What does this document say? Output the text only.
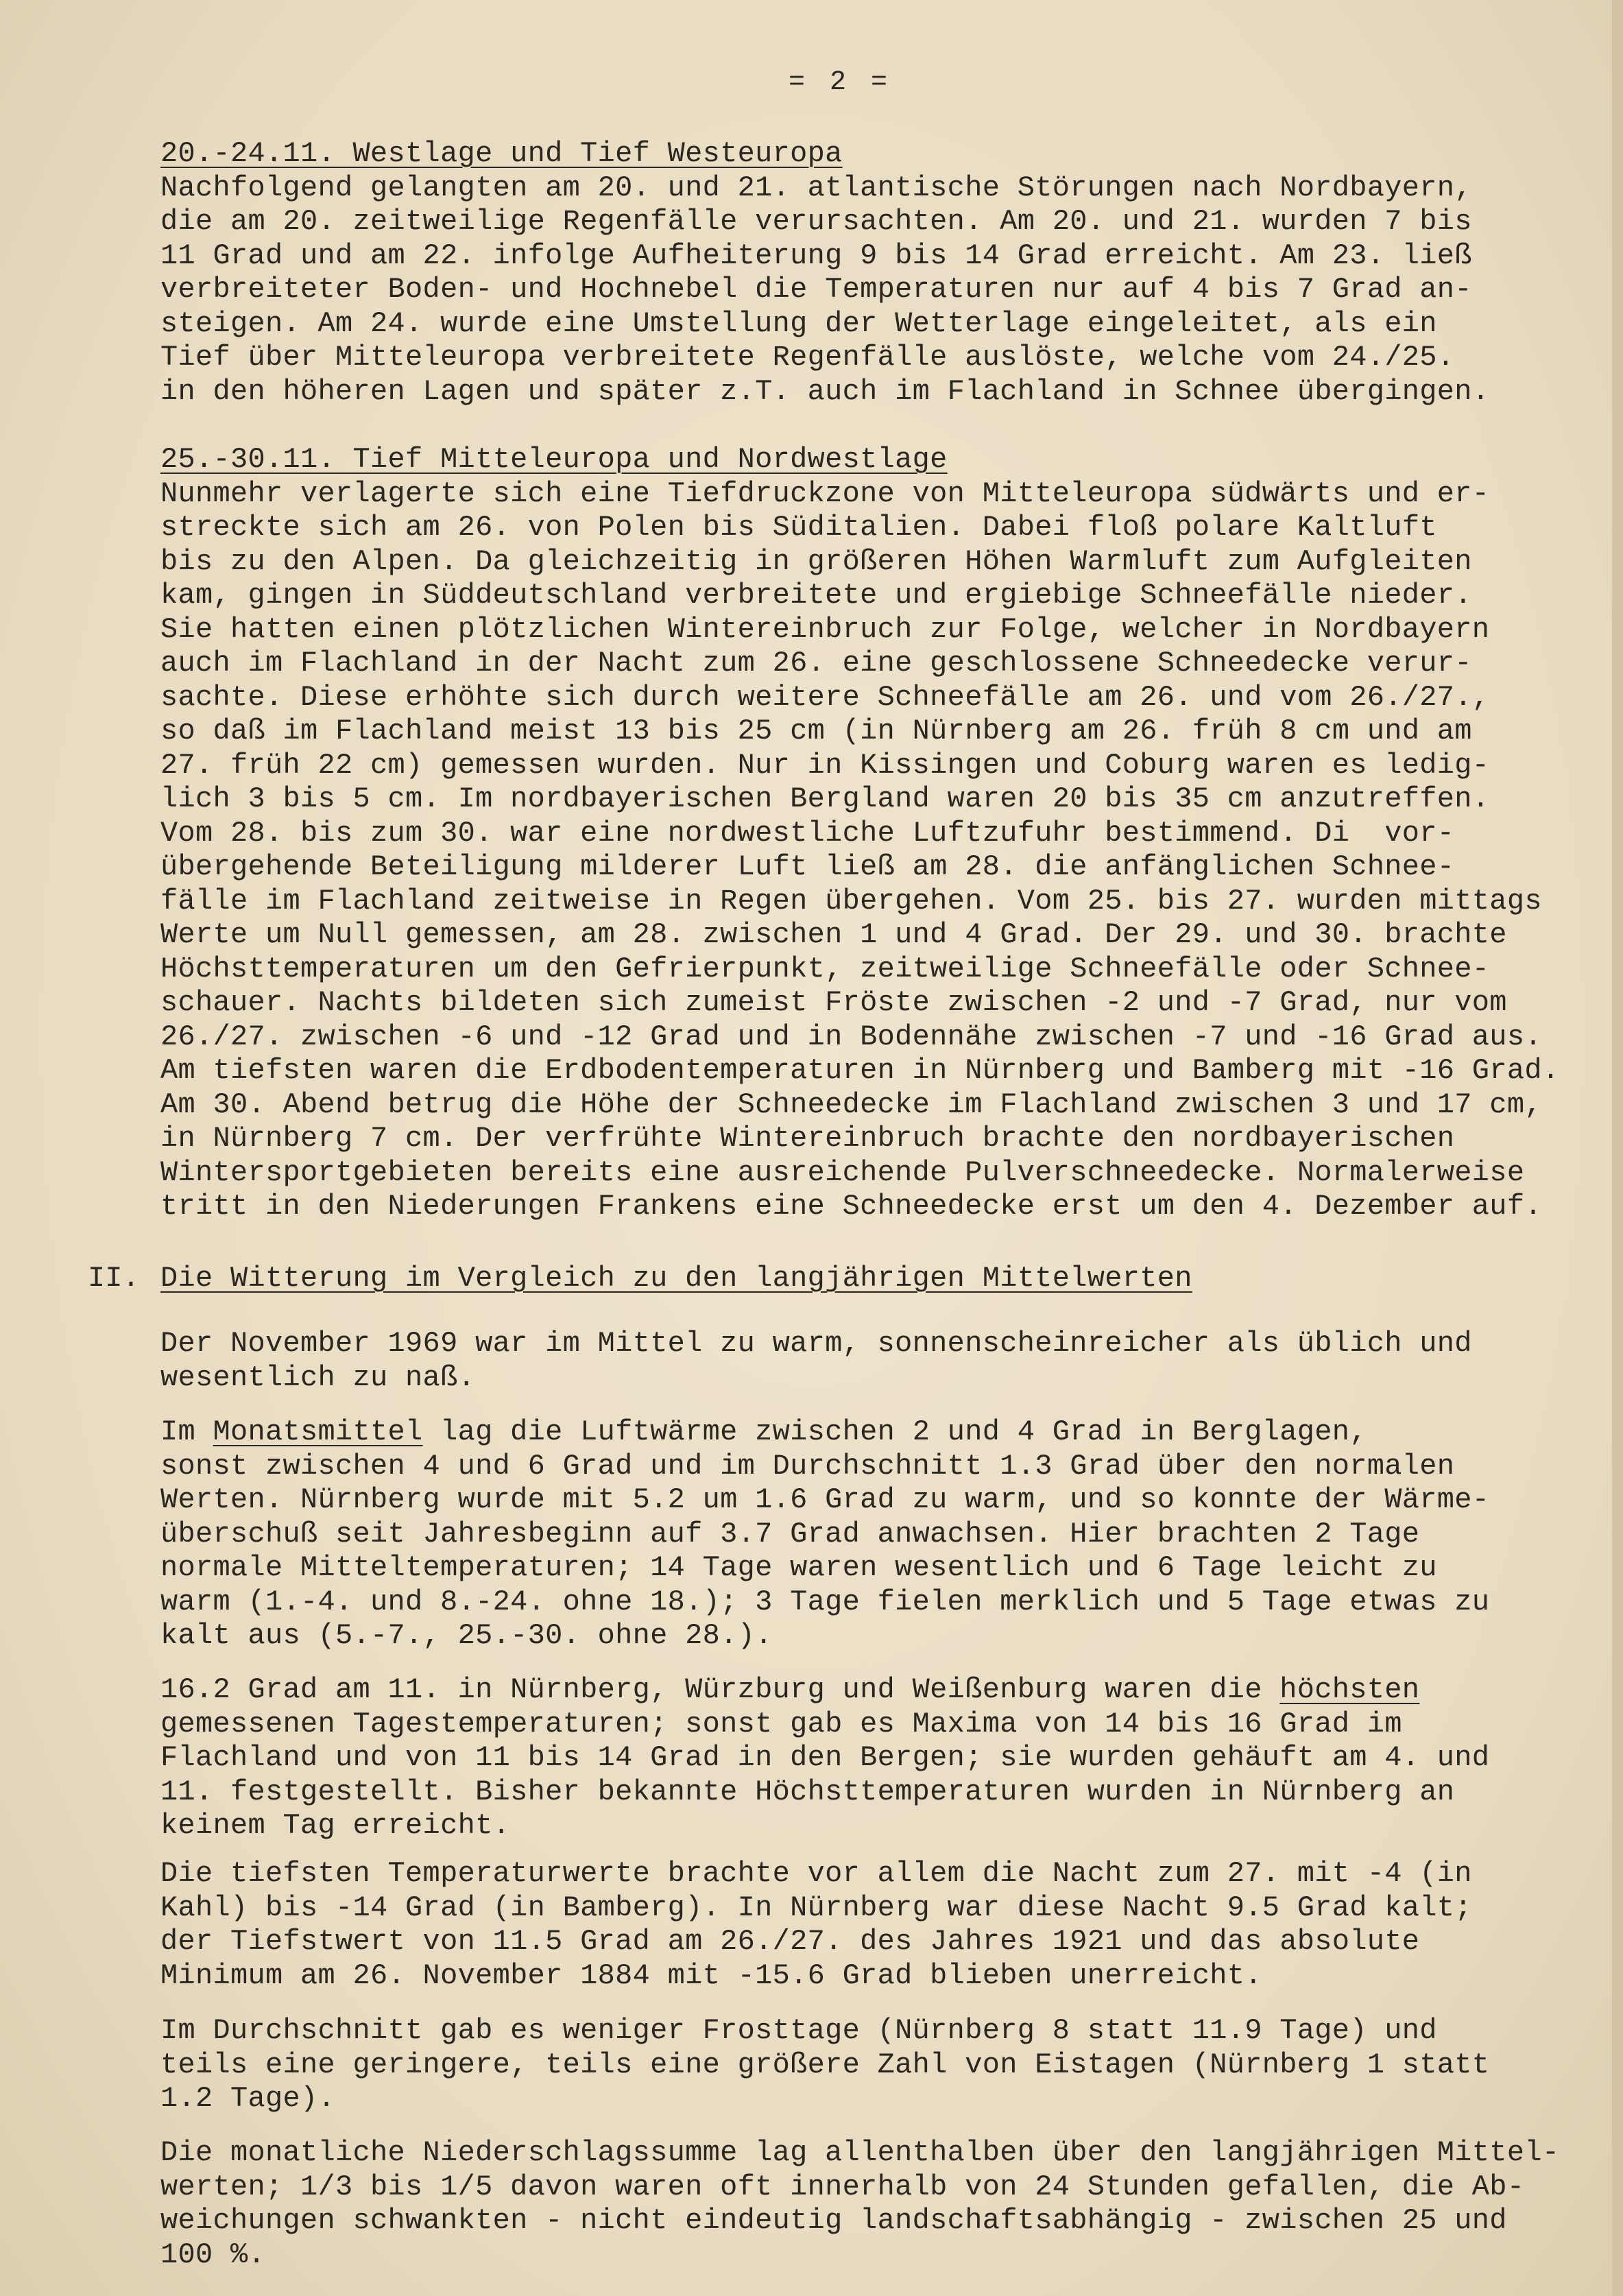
= 2 =
20.-24.11. Westlage und Tief Westeuropa
Nachfolgend gelangten am 20. und 21. atlantische Störungen nach Nordbayern,
die am 20. zeitweilige Regenfälle verursachten. Am 20. und 21. wurden 7 bis
11 Grad und am 22. infolge Aufheiterung 9 bis 14 Grad erreicht. Am 23. ließ
verbreiteter Boden- und Hochnebel die Temperaturen nur auf 4 bis 7 Grad an-
steigen. Am 24. wurde eine Umstellung der Wetterlage eingeleitet, als ein
Tief über Mitteleuropa verbreitete Regenfälle auslöste, welche vom 24./25.
in den höheren Lagen und später z.T. auch im Flachland in Schnee übergingen.
25.-30.11. Tief Mitteleuropa und Nordwestlage
Nunmehr verlagerte sich eine Tiefdruckzone von Mitteleuropa südwärts und er-
streckte sich am 26. von Polen bis Süditalien. Dabei floß polare Kaltluft
bis zu den Alpen. Da gleichzeitig in größeren Höhen Warmluft zum Aufgleiten
kam, gingen in Süddeutschland verbreitete und ergiebige Schneefälle nieder.
Sie hatten einen plötzlichen Wintereinbruch zur Folge, welcher in Nordbayern
auch im Flachland in der Nacht zum 26. eine geschlossene Schneedecke verur-
sachte. Diese erhöhte sich durch weitere Schneefälle am 26. und vom 26./27.,
so daß im Flachland meist 13 bis 25 cm (in Nürnberg am 26. früh 8 cm und am
27. früh 22 cm) gemessen wurden. Nur in Kissingen und Coburg waren es ledig-
lich 3 bis 5 cm. Im nordbayerischen Bergland waren 20 bis 35 cm anzutreffen.
Vom 28. bis zum 30. war eine nordwestliche Luftzufuhr bestimmend. Di  vor-
übergehende Beteiligung milderer Luft ließ am 28. die anfänglichen Schnee-
fälle im Flachland zeitweise in Regen übergehen. Vom 25. bis 27. wurden mittags
Werte um Null gemessen, am 28. zwischen 1 und 4 Grad. Der 29. und 30. brachte
Höchsttemperaturen um den Gefrierpunkt, zeitweilige Schneefälle oder Schnee-
schauer. Nachts bildeten sich zumeist Fröste zwischen -2 und -7 Grad, nur vom
26./27. zwischen -6 und -12 Grad und in Bodennähe zwischen -7 und -16 Grad aus.
Am tiefsten waren die Erdbodentemperaturen in Nürnberg und Bamberg mit -16 Grad.
Am 30. Abend betrug die Höhe der Schneedecke im Flachland zwischen 3 und 17 cm,
in Nürnberg 7 cm. Der verfrühte Wintereinbruch brachte den nordbayerischen
Wintersportgebieten bereits eine ausreichende Pulverschneedecke. Normalerweise
tritt in den Niederungen Frankens eine Schneedecke erst um den 4. Dezember auf.
II. Die Witterung im Vergleich zu den langjährigen Mittelwerten
Der November 1969 war im Mittel zu warm, sonnenscheinreicher als üblich und
wesentlich zu naß.
Im Monatsmittel lag die Luftwärme zwischen 2 und 4 Grad in Berglagen,
sonst zwischen 4 und 6 Grad und im Durchschnitt 1.3 Grad über den normalen
Werten. Nürnberg wurde mit 5.2 um 1.6 Grad zu warm, und so konnte der Wärme-
überschuß seit Jahresbeginn auf 3.7 Grad anwachsen. Hier brachten 2 Tage
normale Mitteltemperaturen; 14 Tage waren wesentlich und 6 Tage leicht zu
warm (1.-4. und 8.-24. ohne 18.); 3 Tage fielen merklich und 5 Tage etwas zu
kalt aus (5.-7., 25.-30. ohne 28.).
16.2 Grad am 11. in Nürnberg, Würzburg und Weißenburg waren die höchsten
gemessenen Tagestemperaturen; sonst gab es Maxima von 14 bis 16 Grad im
Flachland und von 11 bis 14 Grad in den Bergen; sie wurden gehäuft am 4. und
11. festgestellt. Bisher bekannte Höchsttemperaturen wurden in Nürnberg an
keinem Tag erreicht.
Die tiefsten Temperaturwerte brachte vor allem die Nacht zum 27. mit -4 (in
Kahl) bis -14 Grad (in Bamberg). In Nürnberg war diese Nacht 9.5 Grad kalt;
der Tiefstwert von 11.5 Grad am 26./27. des Jahres 1921 und das absolute
Minimum am 26. November 1884 mit -15.6 Grad blieben unerreicht.
Im Durchschnitt gab es weniger Frosttage (Nürnberg 8 statt 11.9 Tage) und
teils eine geringere, teils eine größere Zahl von Eistagen (Nürnberg 1 statt
1.2 Tage).
Die monatliche Niederschlagssumme lag allenthalben über den langjährigen Mittel-
werten; 1/3 bis 1/5 davon waren oft innerhalb von 24 Stunden gefallen, die Ab-
weichungen schwankten - nicht eindeutig landschaftsabhängig - zwischen 25 und
100 %.
